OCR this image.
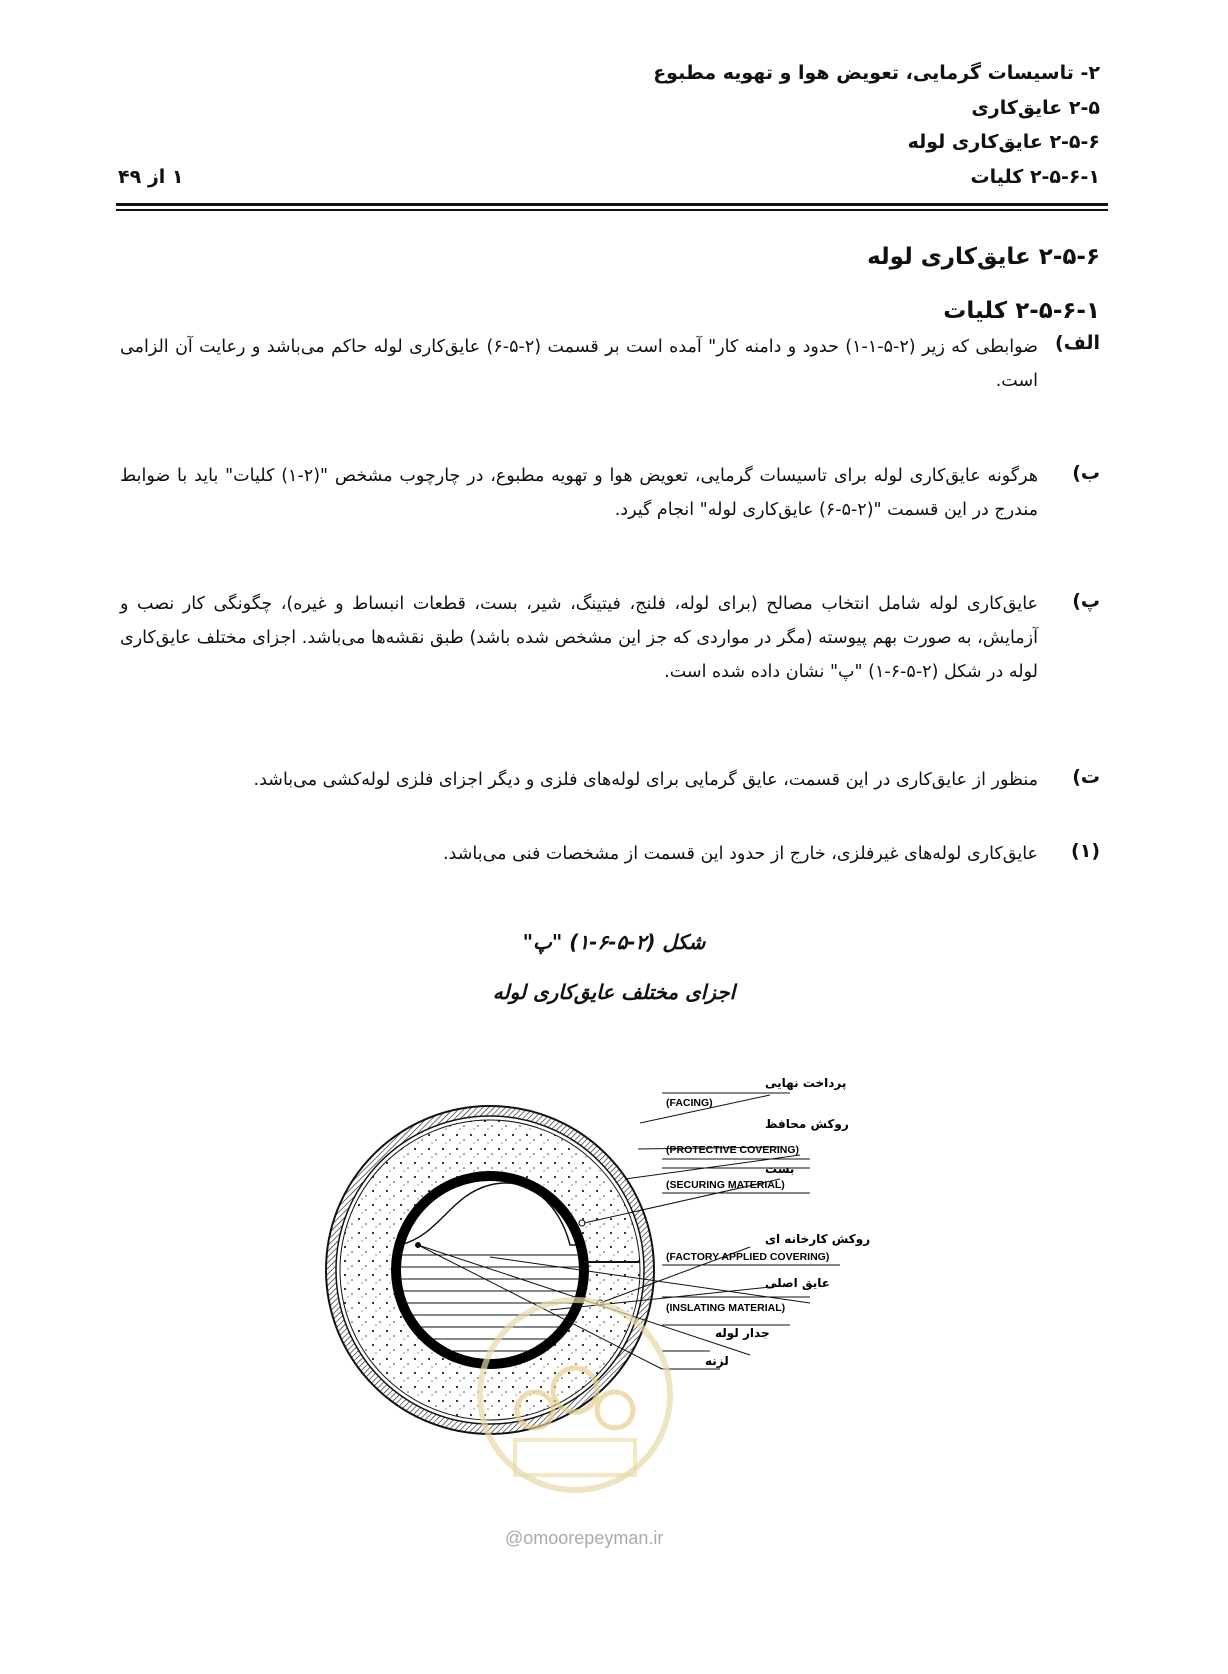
۲- تاسیسات گرمایی، تعویض هوا و تهویه مطبوع
۲-۵ عایق‌کاری
۲-۵-۶ عایق‌کاری لوله
۲-۵-۶-۱ کلیات
۱ از ۴۹
۲-۵-۶ عایق‌کاری لوله
۲-۵-۶-۱ کلیات
الف)
ضوابطی که زیر (۲-۵-۱-۱) حدود و دامنه کار" آمده است بر قسمت (۲-۵-۶) عایق‌کاری لوله حاکم می‌باشد و رعایت آن الزامی است.
ب)
هرگونه عایق‌کاری لوله برای تاسیسات گرمایی، تعویض هوا و تهویه مطبوع، در چارچوب مشخص "(۲-۱) کلیات" باید با ضوابط مندرج در این قسمت "(۲-۵-۶) عایق‌کاری لوله" انجام گیرد.
پ)
عایق‌کاری لوله شامل انتخاب مصالح (برای لوله، فلنج، فیتینگ، شیر، بست، قطعات انبساط و غیره)، چگونگی کار نصب و آزمایش، به صورت بهم پیوسته (مگر در مواردی که جز این مشخص شده باشد) طبق نقشه‌ها می‌باشد. اجزای مختلف عایق‌کاری لوله در شکل (۲-۵-۶-۱) "پ" نشان داده شده است.
ت)
منظور از عایق‌کاری در این قسمت، عایق گرمایی برای لوله‌های فلزی و دیگر اجزای فلزی لوله‌کشی می‌باشد.
(۱)
عایق‌کاری لوله‌های غیرفلزی، خارج از حدود این قسمت از مشخصات فنی می‌باشد.
شکل (۲-۵-۶-۱) "پ"
اجزای مختلف عایق‌کاری لوله
پرداخت نهایی
(FACING)
روکش محافظ
(PROTECTIVE COVERING)
بست
(SECURING MATERIAL)
روکش کارخانه ای
(FACTORY APPLIED COVERING)
عایق اصلی
(INSLATING MATERIAL)
جدار لوله
لزنه
@omoorepeyman.ir
